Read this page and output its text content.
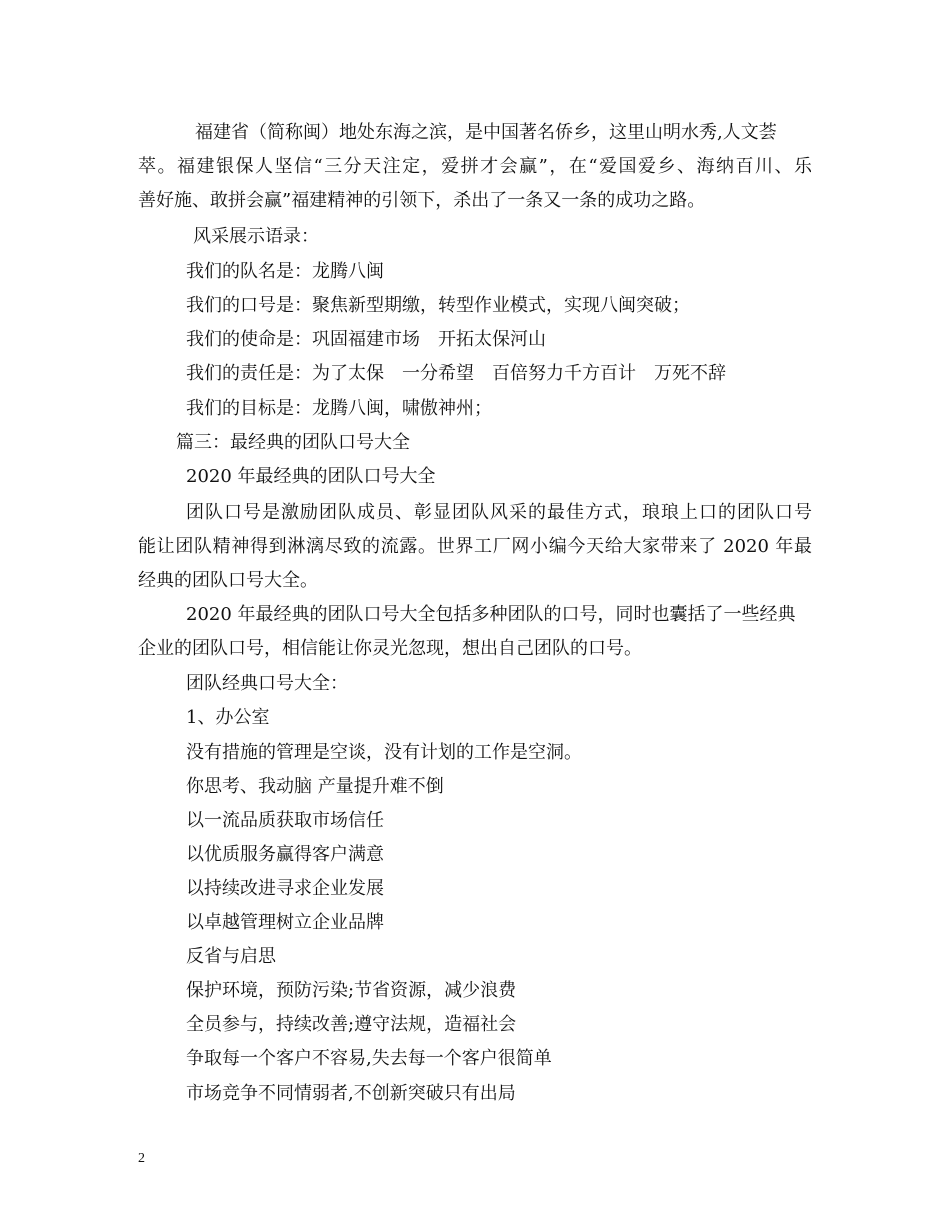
福建省（简称闽）地处东海之滨，是中国著名侨乡，这里山明水秀,人文荟
萃。福建银保人坚信“三分天注定，爱拼才会赢”，在“爱国爱乡、海纳百川、乐
善好施、敢拼会赢”福建精神的引领下，杀出了一条又一条的成功之路。
风采展示语录：
我们的队名是：龙腾八闽
我们的口号是：聚焦新型期缴，转型作业模式，实现八闽突破；
我们的使命是：巩固福建市场　开拓太保河山
我们的责任是：为了太保　一分希望　百倍努力千方百计　万死不辞
我们的目标是：龙腾八闽，啸傲神州；
篇三：最经典的团队口号大全
2020 年最经典的团队口号大全
团队口号是激励团队成员、彰显团队风采的最佳方式，琅琅上口的团队口号
能让团队精神得到淋漓尽致的流露。世界工厂网小编今天给大家带来了 2020 年最
经典的团队口号大全。
2020 年最经典的团队口号大全包括多种团队的口号，同时也囊括了一些经典
企业的团队口号，相信能让你灵光忽现，想出自己团队的口号。
团队经典口号大全：
1、办公室
没有措施的管理是空谈，没有计划的工作是空洞。
你思考、我动脑 产量提升难不倒
以一流品质获取市场信任
以优质服务赢得客户满意
以持续改进寻求企业发展
以卓越管理树立企业品牌
反省与启思
保护环境，预防污染;节省资源，减少浪费
全员参与，持续改善;遵守法规，造福社会
争取每一个客户不容易,失去每一个客户很简单
市场竞争不同情弱者,不创新突破只有出局
2
